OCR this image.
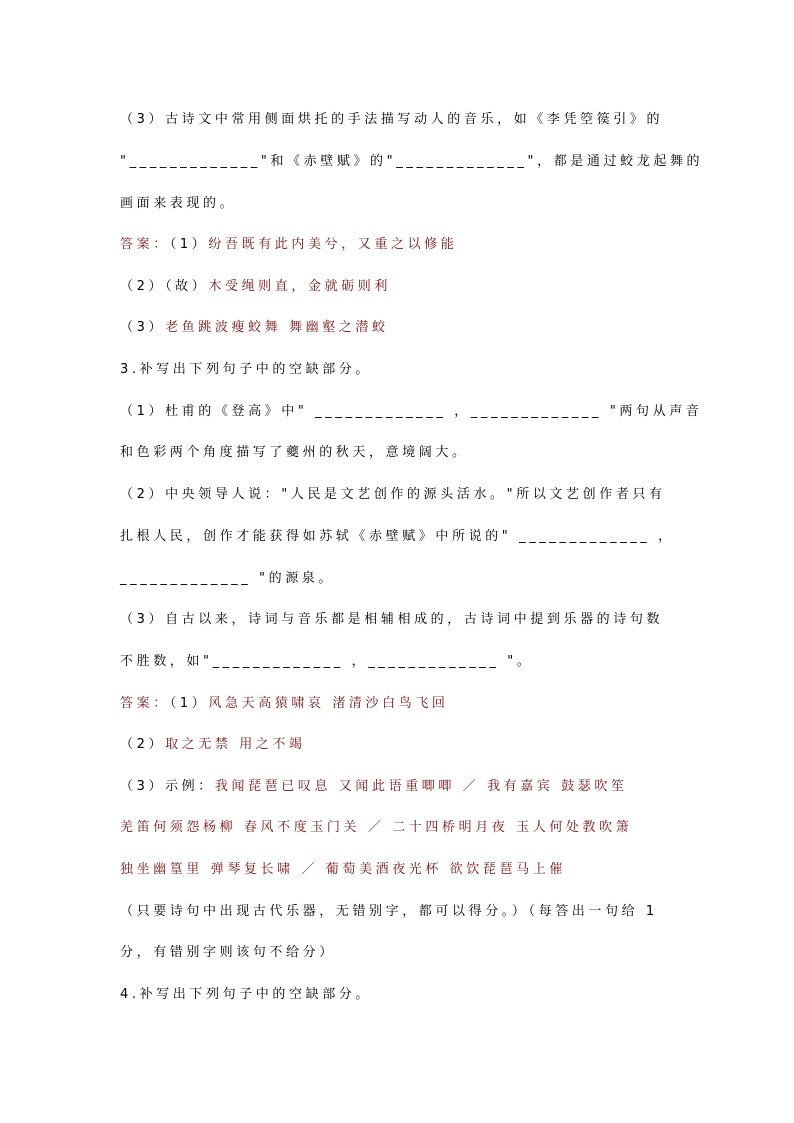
（3）古诗文中常用侧面烘托的手法描写动人的音乐，如《李凭箜篌引》的
"_____________"和《赤壁赋》的"_____________"，都是通过蛟龙起舞的
画面来表现的。
答案：（1）纷吾既有此内美兮，又重之以修能
（2）（故）木受绳则直，金就砺则利
（3）老鱼跳波瘦蛟舞 舞幽壑之潜蛟
3.补写出下列句子中的空缺部分。
（1）杜甫的《登高》中" _____________ ，_____________ "两句从声音
和色彩两个角度描写了夔州的秋天，意境阔大。
（2）中央领导人说："人民是文艺创作的源头活水。"所以文艺创作者只有
扎根人民，创作才能获得如苏轼《赤壁赋》中所说的" _____________ ，
_____________ "的源泉。
（3）自古以来，诗词与音乐都是相辅相成的，古诗词中提到乐器的诗句数
不胜数，如"_____________ ，_____________ "。
答案：（1）风急天高猿啸哀 渚清沙白鸟飞回
（2）取之无禁 用之不竭
（3）示例：我闻琵琶已叹息 又闻此语重唧唧 ／ 我有嘉宾 鼓瑟吹笙
羌笛何须怨杨柳 春风不度玉门关 ／ 二十四桥明月夜 玉人何处教吹箫
独坐幽篁里 弹琴复长啸 ／ 葡萄美酒夜光杯 欲饮琵琶马上催
（只要诗句中出现古代乐器，无错别字，都可以得分。）（每答出一句给 1
分，有错别字则该句不给分）
4.补写出下列句子中的空缺部分。
